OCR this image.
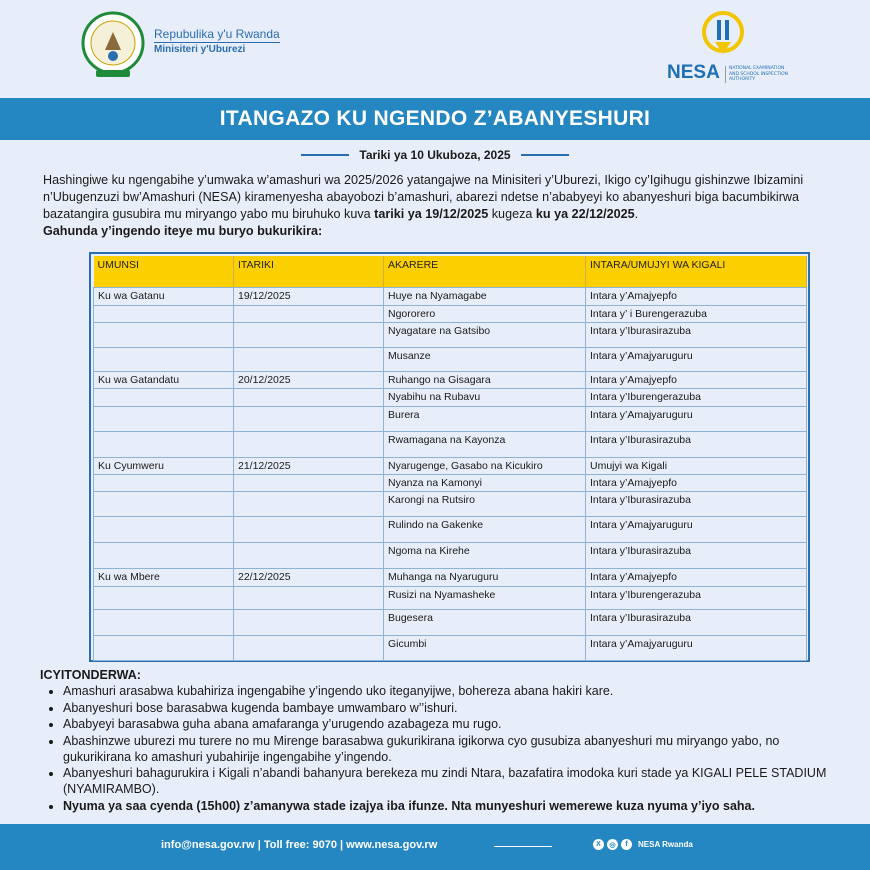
Repubulika y'u Rwanda
Minisiteri y'Uburezi
NESA	NATIONAL EXAMINATION AND SCHOOL INSPECTION AUTHORITY
ITANGAZO KU NGENDO Z’ABANYESHURI
Tariki ya 10 Ukuboza, 2025
Hashingiwe ku ngengabihe y’umwaka w’amashuri wa 2025/2026 yatangajwe na Minisiteri y’Uburezi, Ikigo cy’Igihugu gishinzwe Ibizamini n’Ubugenzuzi bw’Amashuri (NESA) kiramenyesha abayobozi b’amashuri, abarezi ndetse n’ababyeyi ko abanyeshuri biga bacumbikirwa bazatangira gusubira mu miryango yabo mu biruhuko kuva tariki ya 19/12/2025 kugeza ku ya 22/12/2025.
Gahunda y’ingendo iteye mu buryo bukurikira:
UMUNSI	ITARIKI	AKARERE	INTARA/UMUJYI WA KIGALI
Ku wa Gatanu	19/12/2025	Huye na Nyamagabe	Intara y’Amajyepfo
		Ngororero	Intara y’ i Burengerazuba
		Nyagatare na Gatsibo	Intara y’Iburasirazuba
		Musanze	Intara y’Amajyaruguru
Ku wa Gatandatu	20/12/2025	Ruhango na Gisagara	Intara y’Amajyepfo
		Nyabihu na Rubavu	Intara y’Iburengerazuba
		Burera	Intara y’Amajyaruguru
		Rwamagana na Kayonza	Intara y’Iburasirazuba
Ku Cyumweru	21/12/2025	Nyarugenge, Gasabo na Kicukiro	Umujyi wa Kigali
		Nyanza na Kamonyi	Intara y’Amajyepfo
		Karongi na Rutsiro	Intara y’Iburasirazuba
		Rulindo na Gakenke	Intara y’Amajyaruguru
		Ngoma na Kirehe	Intara y’Iburasirazuba
Ku wa Mbere	22/12/2025	Muhanga na Nyaruguru	Intara y’Amajyepfo
		Rusizi na Nyamasheke	Intara y’Iburengerazuba
		Bugesera	Intara y’Iburasirazuba
		Gicumbi	Intara y’Amajyaruguru
ICYITONDERWA:
• Amashuri arasabwa kubahiriza ingengabihe y’ingendo uko iteganyijwe, bohereza abana hakiri kare.
• Abanyeshuri bose barasabwa kugenda bambaye umwambaro w’’ishuri.
• Ababyeyi barasabwa guha abana amafaranga y’urugendo azabageza mu rugo.
• Abashinzwe uburezi mu turere no mu Mirenge barasabwa gukurikirana igikorwa cyo gusubiza abanyeshuri mu miryango yabo, no gukurikirana ko amashuri yubahirije ingengabihe y’ingendo.
• Abanyeshuri bahagurukira i Kigali n’abandi bahanyura berekeza mu zindi Ntara, bazafatira imodoka kuri stade ya KIGALI PELE STADIUM (NYAMIRAMBO).
• Nyuma ya saa cyenda (15h00) z’amanywa stade izajya iba ifunze. Nta munyeshuri wemerewe kuza nyuma y’iyo saha.
info@nesa.gov.rw | Toll free: 9070 | www.nesa.gov.rw	X	◎	f	NESA Rwanda
